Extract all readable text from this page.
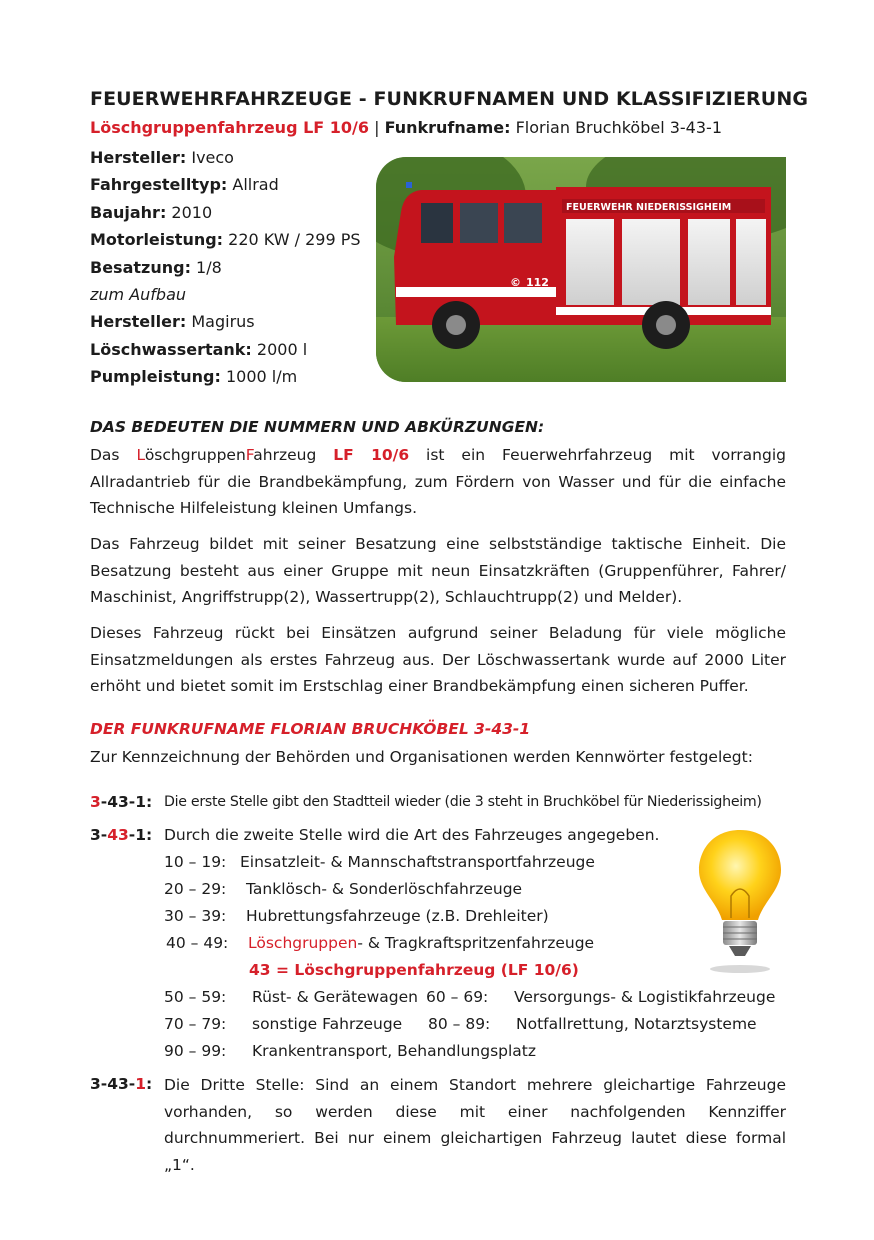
FEUERWEHRFAHRZEUGE - FUNKRUFNAMEN UND KLASSIFIZIERUNG
Löschgruppenfahrzeug LF 10/6 | Funkrufname: Florian Bruchköbel 3-43-1
Hersteller: Iveco
Fahrgestelltyp: Allrad
Baujahr: 2010
Motorleistung: 220 KW / 299 PS
Besatzung: 1/8
zum Aufbau
Hersteller: Magirus
Löschwassertank: 2000 l
Pumpleistung: 1000 l/m
© 112
FEUERWEHR NIEDERISSIGHEIM
DAS BEDEUTEN DIE NUMMERN UND ABKÜRZUNGEN:
Das LöschgruppenFahrzeug LF 10/6 ist ein Feuerwehrfahrzeug mit vorrangig Allradantrieb für die Brandbekämpfung, zum Fördern von Wasser und für die einfache Technische Hilfeleistung kleinen Umfangs.
Das Fahrzeug bildet mit seiner Besatzung eine selbstständige taktische Einheit. Die Besatzung besteht aus einer Gruppe mit neun Einsatzkräften (Gruppenführer, Fahrer/ Maschinist, Angriffstrupp(2), Wassertrupp(2), Schlauchtrupp(2) und Melder).
Dieses Fahrzeug rückt bei Einsätzen aufgrund seiner Beladung für viele mögliche Einsatzmeldungen als erstes Fahrzeug aus. Der Löschwassertank wurde auf 2000 Liter erhöht und bietet somit im Erstschlag einer Brandbekämpfung einen sicheren Puffer.
DER FUNKRUFNAME FLORIAN BRUCHKÖBEL 3-43-1
Zur Kennzeichnung der Behörden und Organisationen werden Kennwörter festgelegt:
3-43-1: Die erste Stelle gibt den Stadtteil wieder (die 3 steht in Bruchköbel für Niederissigheim)
3-43-1: Durch die zweite Stelle wird die Art des Fahrzeuges angegeben.
10 – 19: Einsatzleit- & Mannschaftstransportfahrzeuge
20 – 29: Tanklösch- & Sonderlöschfahrzeuge
30 – 39: Hubrettungsfahrzeuge (z.B. Drehleiter)
40 – 49: Löschgruppen- & Tragkraftspritzenfahrzeuge
43 = Löschgruppenfahrzeug (LF 10/6)
50 – 59: Rüst- & Gerätewagen 60 – 69: Versorgungs- & Logistikfahrzeuge
70 – 79: sonstige Fahrzeuge 80 – 89: Notfallrettung, Notarztsysteme
90 – 99: Krankentransport, Behandlungsplatz
3-43-1: Die Dritte Stelle: Sind an einem Standort mehrere gleichartige Fahrzeuge vorhanden, so werden diese mit einer nachfolgenden Kennziffer durchnummeriert. Bei nur einem gleichartigen Fahrzeug lautet diese formal „1“.
